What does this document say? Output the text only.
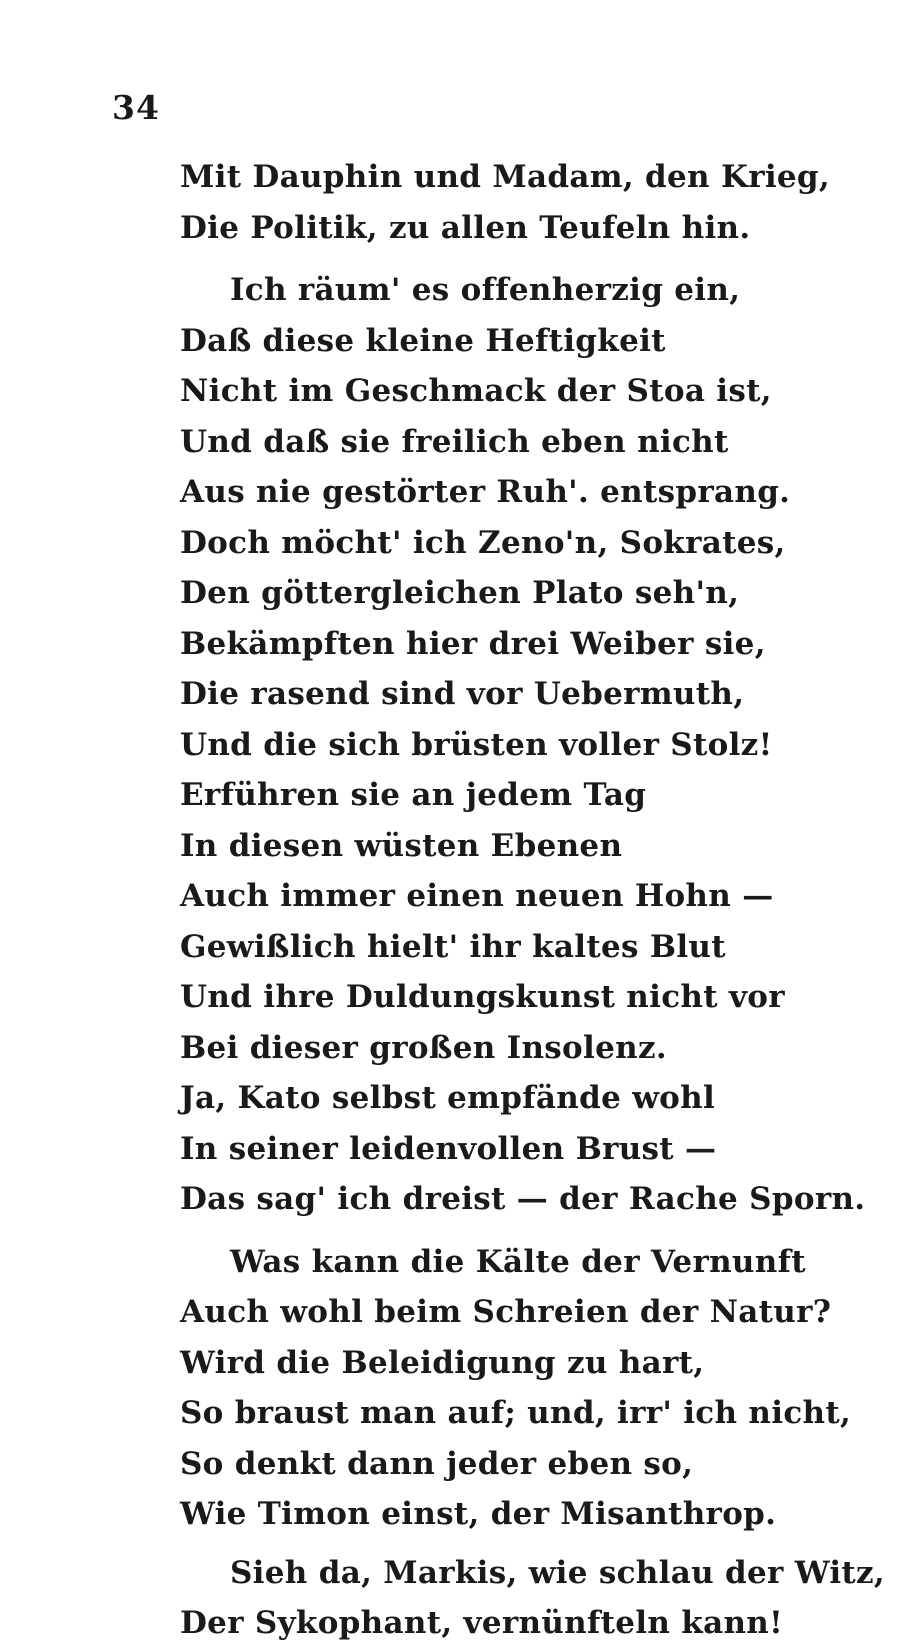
34
Mit Dauphin und Madam, den Krieg,
Die Politik, zu allen Teufeln hin.
Ich räum' es offenherzig ein,
Daß diese kleine Heftigkeit
Nicht im Geschmack der Stoa ist,
Und daß sie freilich eben nicht
Aus nie gestörter Ruh'. entsprang.
Doch möcht' ich Zeno'n, Sokrates,
Den göttergleichen Plato seh'n,
Bekämpften hier drei Weiber sie,
Die rasend sind vor Uebermuth,
Und die sich brüsten voller Stolz!
Erführen sie an jedem Tag
In diesen wüsten Ebenen
Auch immer einen neuen Hohn —
Gewißlich hielt' ihr kaltes Blut
Und ihre Duldungskunst nicht vor
Bei dieser großen Insolenz.
Ja, Kato selbst empfände wohl
In seiner leidenvollen Brust —
Das sag' ich dreist — der Rache Sporn.
Was kann die Kälte der Vernunft
Auch wohl beim Schreien der Natur?
Wird die Beleidigung zu hart,
So braust man auf; und, irr' ich nicht,
So denkt dann jeder eben so,
Wie Timon einst, der Misanthrop.
Sieh da, Markis, wie schlau der Witz,
Der Sykophant, vernünfteln kann!
